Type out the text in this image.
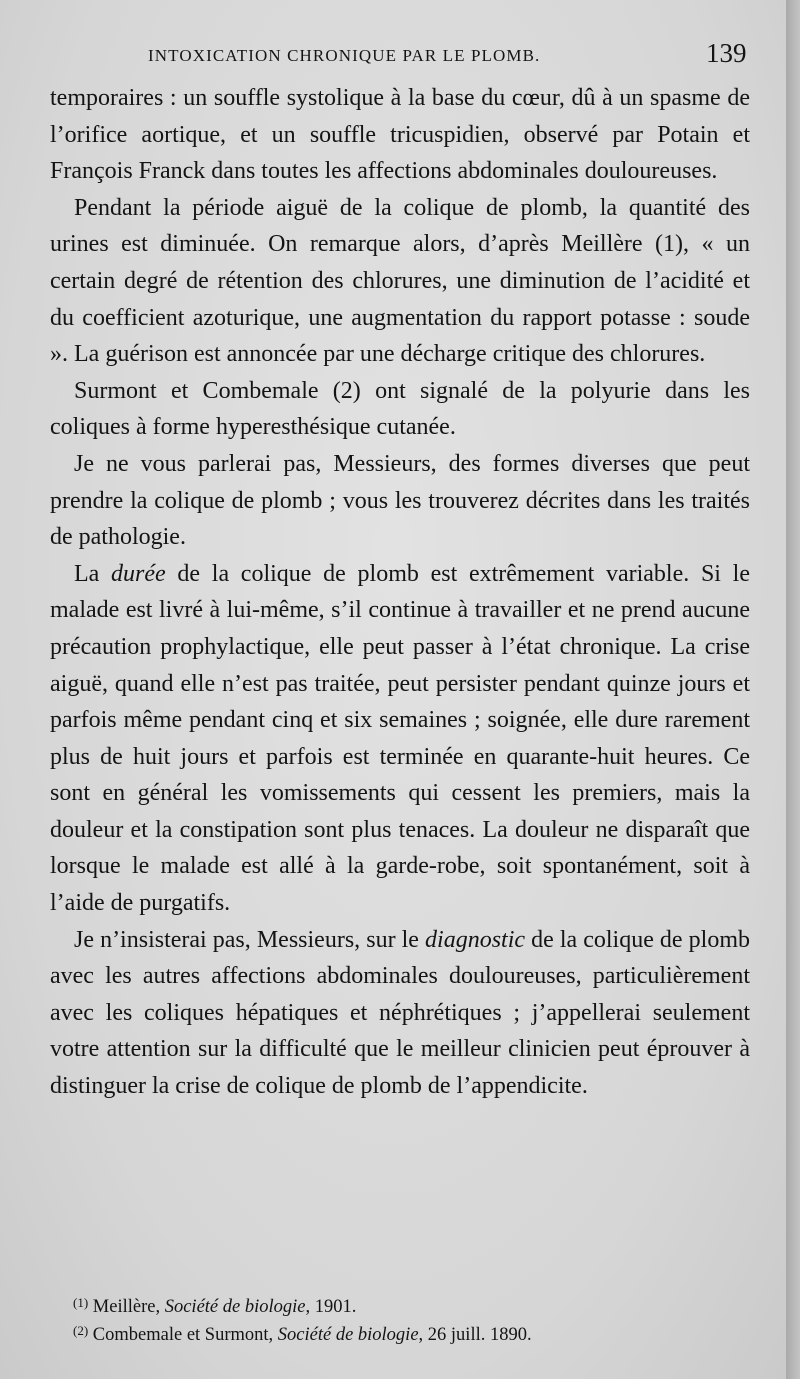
INTOXICATION CHRONIQUE PAR LE PLOMB.	139

temporaires : un souffle systolique à la base du cœur, dû à un spasme de l’orifice aortique, et un souffle tricuspidien, observé par Potain et François Franck dans toutes les affections abdominales douloureuses.

Pendant la période aiguë de la colique de plomb, la quantité des urines est diminuée. On remarque alors, d’après Meillère (1), « un certain degré de rétention des chlorures, une diminution de l’acidité et du coefficient azoturique, une augmentation du rapport potasse : soude ». La guérison est annoncée par une décharge critique des chlorures.

Surmont et Combemale (2) ont signalé de la polyurie dans les coliques à forme hyperesthésique cutanée.

Je ne vous parlerai pas, Messieurs, des formes diverses que peut prendre la colique de plomb ; vous les trouverez décrites dans les traités de pathologie.

La durée de la colique de plomb est extrêmement variable. Si le malade est livré à lui-même, s’il continue à travailler et ne prend aucune précaution prophylactique, elle peut passer à l’état chronique. La crise aiguë, quand elle n’est pas traitée, peut persister pendant quinze jours et parfois même pendant cinq et six semaines ; soignée, elle dure rarement plus de huit jours et parfois est terminée en quarante-huit heures. Ce sont en général les vomissements qui cessent les premiers, mais la douleur et la constipation sont plus tenaces. La douleur ne disparaît que lorsque le malade est allé à la garde-robe, soit spontanément, soit à l’aide de purgatifs.

Je n’insisterai pas, Messieurs, sur le diagnostic de la colique de plomb avec les autres affections abdominales douloureuses, particulièrement avec les coliques hépatiques et néphrétiques ; j’appellerai seulement votre attention sur la difficulté que le meilleur clinicien peut éprouver à distinguer la crise de colique de plomb de l’appendicite.

$^{(1)}$ Meillère, Société de biologie, 1901.
$^{(2)}$ Combemale et Surmont, Société de biologie, 26 juill. 1890.
